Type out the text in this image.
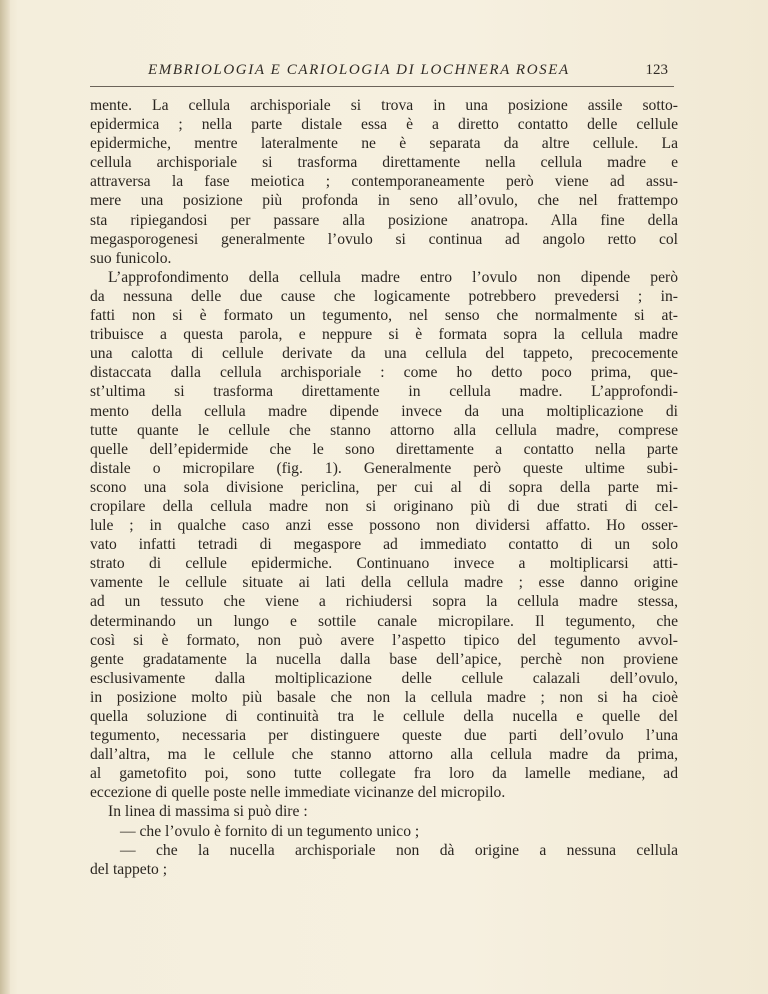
EMBRIOLOGIA E CARIOLOGIA DI LOCHNERA ROSEA	123
mente. La cellula archisporiale si trova in una posizione assile sotto-
epidermica ; nella parte distale essa è a diretto contatto delle cellule
epidermiche, mentre lateralmente ne è separata da altre cellule. La
cellula archisporiale si trasforma direttamente nella cellula madre e
attraversa la fase meiotica ; contemporaneamente però viene ad assu-
mere una posizione più profonda in seno all’ovulo, che nel frattempo
sta ripiegandosi per passare alla posizione anatropa. Alla fine della
megasporogenesi generalmente l’ovulo si continua ad angolo retto col
suo funicolo.
L’approfondimento della cellula madre entro l’ovulo non dipende però
da nessuna delle due cause che logicamente potrebbero prevedersi ; in-
fatti non si è formato un tegumento, nel senso che normalmente si at-
tribuisce a questa parola, e neppure si è formata sopra la cellula madre
una calotta di cellule derivate da una cellula del tappeto, precocemente
distaccata dalla cellula archisporiale : come ho detto poco prima, que-
st’ultima si trasforma direttamente in cellula madre. L’approfondi-
mento della cellula madre dipende invece da una moltiplicazione di
tutte quante le cellule che stanno attorno alla cellula madre, comprese
quelle dell’epidermide che le sono direttamente a contatto nella parte
distale o micropilare (fig. 1). Generalmente però queste ultime subi-
scono una sola divisione periclina, per cui al di sopra della parte mi-
cropilare della cellula madre non si originano più di due strati di cel-
lule ; in qualche caso anzi esse possono non dividersi affatto. Ho osser-
vato infatti tetradi di megaspore ad immediato contatto di un solo
strato di cellule epidermiche. Continuano invece a moltiplicarsi atti-
vamente le cellule situate ai lati della cellula madre ; esse danno origine
ad un tessuto che viene a richiudersi sopra la cellula madre stessa,
determinando un lungo e sottile canale micropilare. Il tegumento, che
così si è formato, non può avere l’aspetto tipico del tegumento avvol-
gente gradatamente la nucella dalla base dell’apice, perchè non proviene
esclusivamente dalla moltiplicazione delle cellule calazali dell’ovulo,
in posizione molto più basale che non la cellula madre ; non si ha cioè
quella soluzione di continuità tra le cellule della nucella e quelle del
tegumento, necessaria per distinguere queste due parti dell’ovulo l’una
dall’altra, ma le cellule che stanno attorno alla cellula madre da prima,
al gametofito poi, sono tutte collegate fra loro da lamelle mediane, ad
eccezione di quelle poste nelle immediate vicinanze del micropilo.
In linea di massima si può dire :
— che l’ovulo è fornito di un tegumento unico ;
— che la nucella archisporiale non dà origine a nessuna cellula
del tappeto ;
